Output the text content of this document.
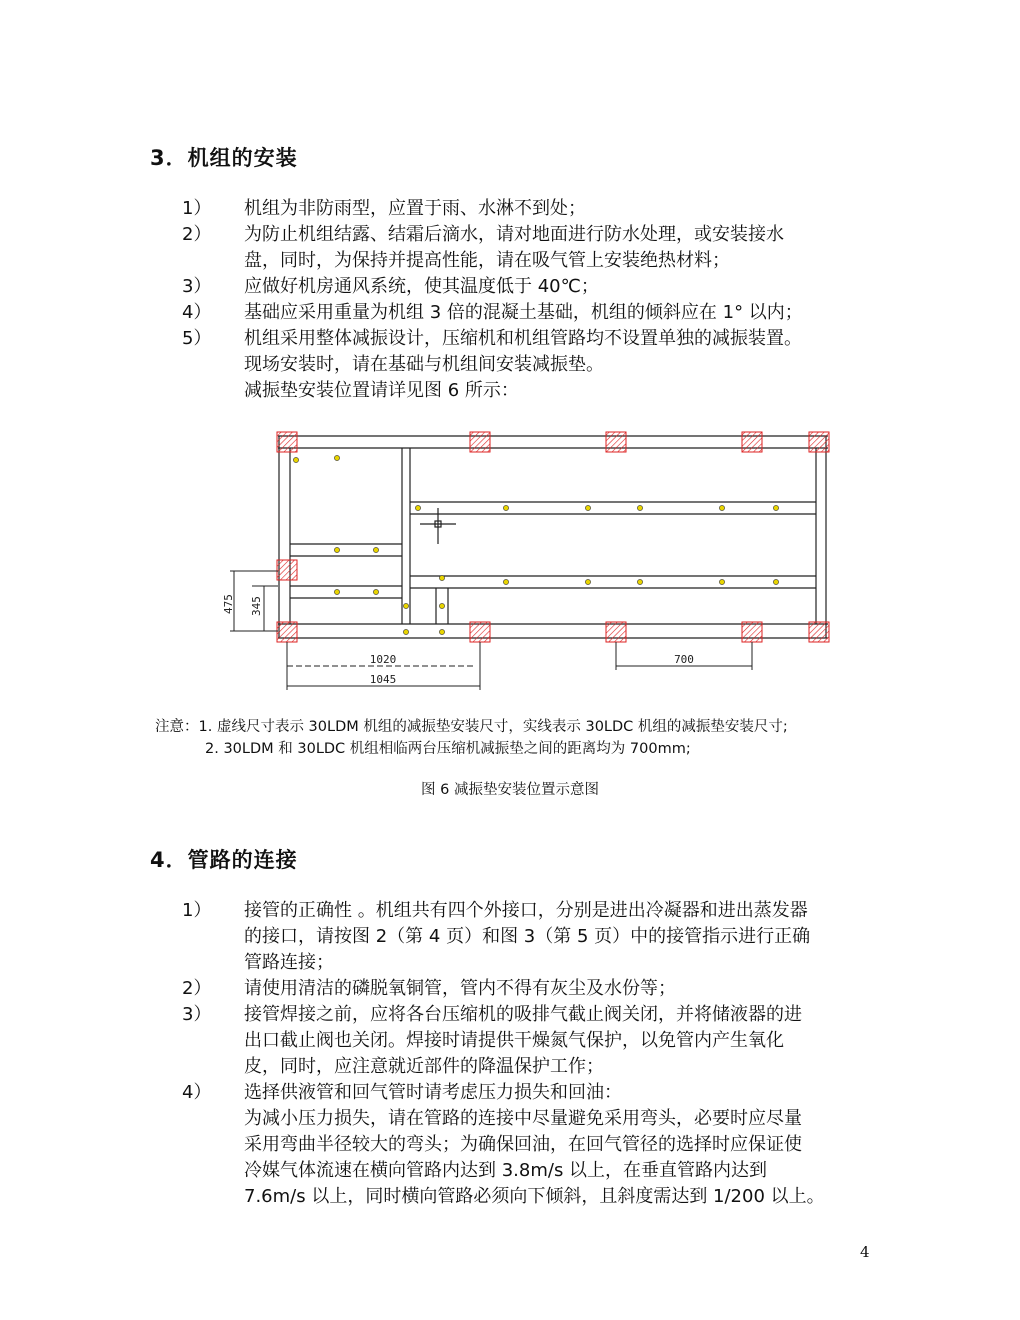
3．机组的安装
1）	机组为非防雨型，应置于雨、水淋不到处；
2）	为防止机组结露、结霜后滴水，请对地面进行防水处理，或安装接水
盘，同时，为保持并提高性能，请在吸气管上安装绝热材料；
3）	应做好机房通风系统，使其温度低于 40℃；
4）	基础应采用重量为机组 3 倍的混凝土基础，机组的倾斜应在 1° 以内；
5）	机组采用整体减振设计，压缩机和机组管路均不设置单独的减振装置。
现场安装时，请在基础与机组间安装减振垫。
减振垫安装位置请详见图 6 所示：
475 345
1020
1045
700
注意：1. 虚线尺寸表示 30LDM 机组的减振垫安装尺寸，实线表示 30LDC 机组的减振垫安装尺寸;
2. 30LDM 和 30LDC 机组相临两台压缩机减振垫之间的距离均为 700mm;
图 6 减振垫安装位置示意图
4．管路的连接
1）	接管的正确性 。机组共有四个外接口，分别是进出冷凝器和进出蒸发器
的接口，请按图 2（第 4 页）和图 3（第 5 页）中的接管指示进行正确
管路连接；
2）	请使用清洁的磷脱氧铜管，管内不得有灰尘及水份等；
3）	接管焊接之前，应将各台压缩机的吸排气截止阀关闭，并将储液器的进
出口截止阀也关闭。焊接时请提供干燥氮气保护，以免管内产生氧化
皮，同时，应注意就近部件的降温保护工作；
4）	选择供液管和回气管时请考虑压力损失和回油：
为减小压力损失，请在管路的连接中尽量避免采用弯头，必要时应尽量
采用弯曲半径较大的弯头；为确保回油，在回气管径的选择时应保证使
冷媒气体流速在横向管路内达到 3.8m/s 以上，在垂直管路内达到
7.6m/s 以上，同时横向管路必须向下倾斜，且斜度需达到 1/200 以上。
4
